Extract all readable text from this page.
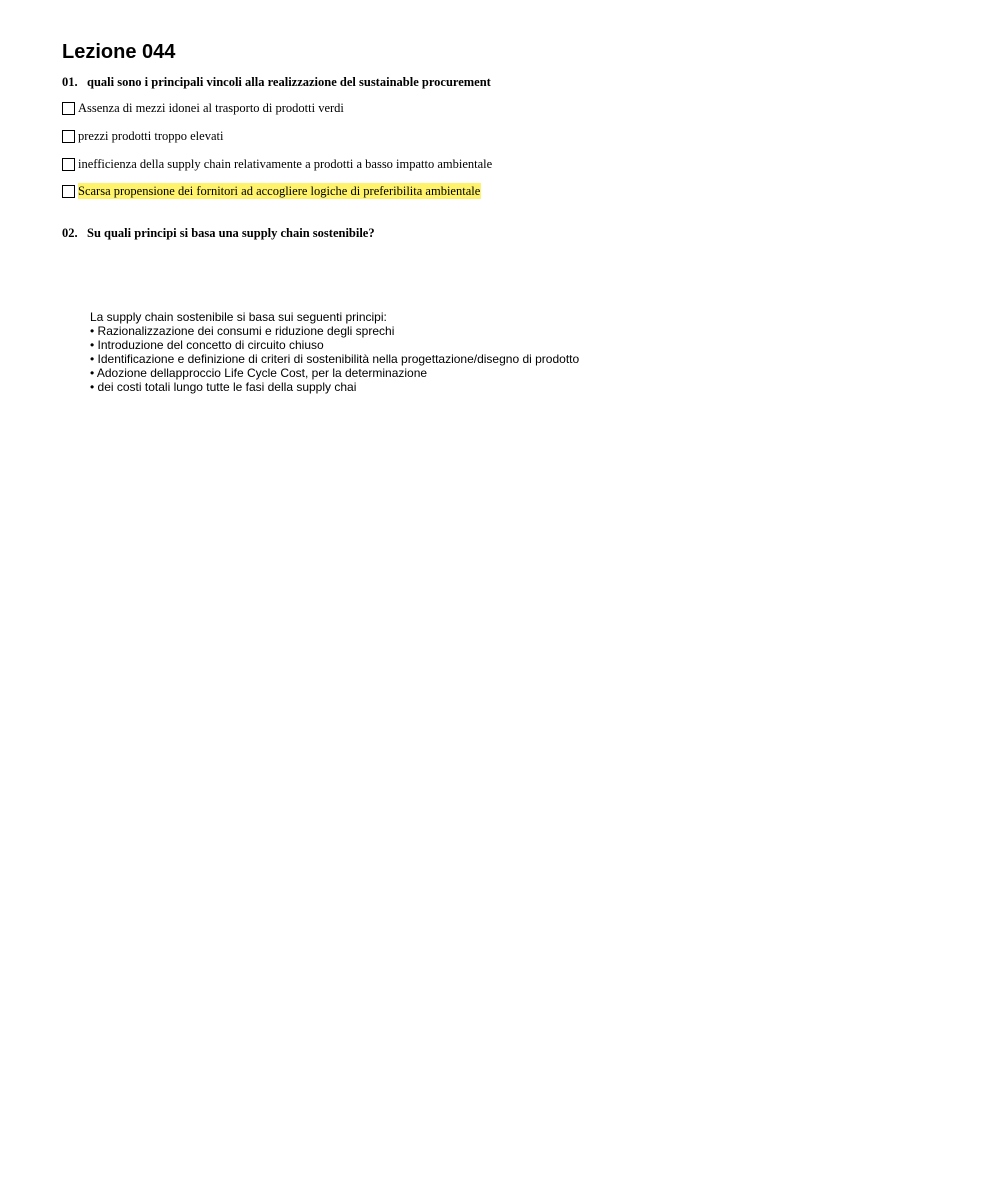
Lezione 044
01. quali sono i principali vincoli alla realizzazione del sustainable procurement
Assenza di mezzi idonei al trasporto di prodotti verdi
prezzi prodotti troppo elevati
inefficienza della supply chain relativamente a prodotti a basso impatto ambientale
Scarsa propensione dei fornitori ad accogliere logiche di preferibilita ambientale
02. Su quali principi si basa una supply chain sostenibile?
La supply chain sostenibile si basa sui seguenti principi:
• Razionalizzazione dei consumi e riduzione degli sprechi
• Introduzione del concetto di circuito chiuso
• Identificazione e definizione di criteri di sostenibilità nella progettazione/disegno di prodotto
• Adozione dellapproccio Life Cycle Cost, per la determinazione
• dei costi totali lungo tutte le fasi della supply chai
